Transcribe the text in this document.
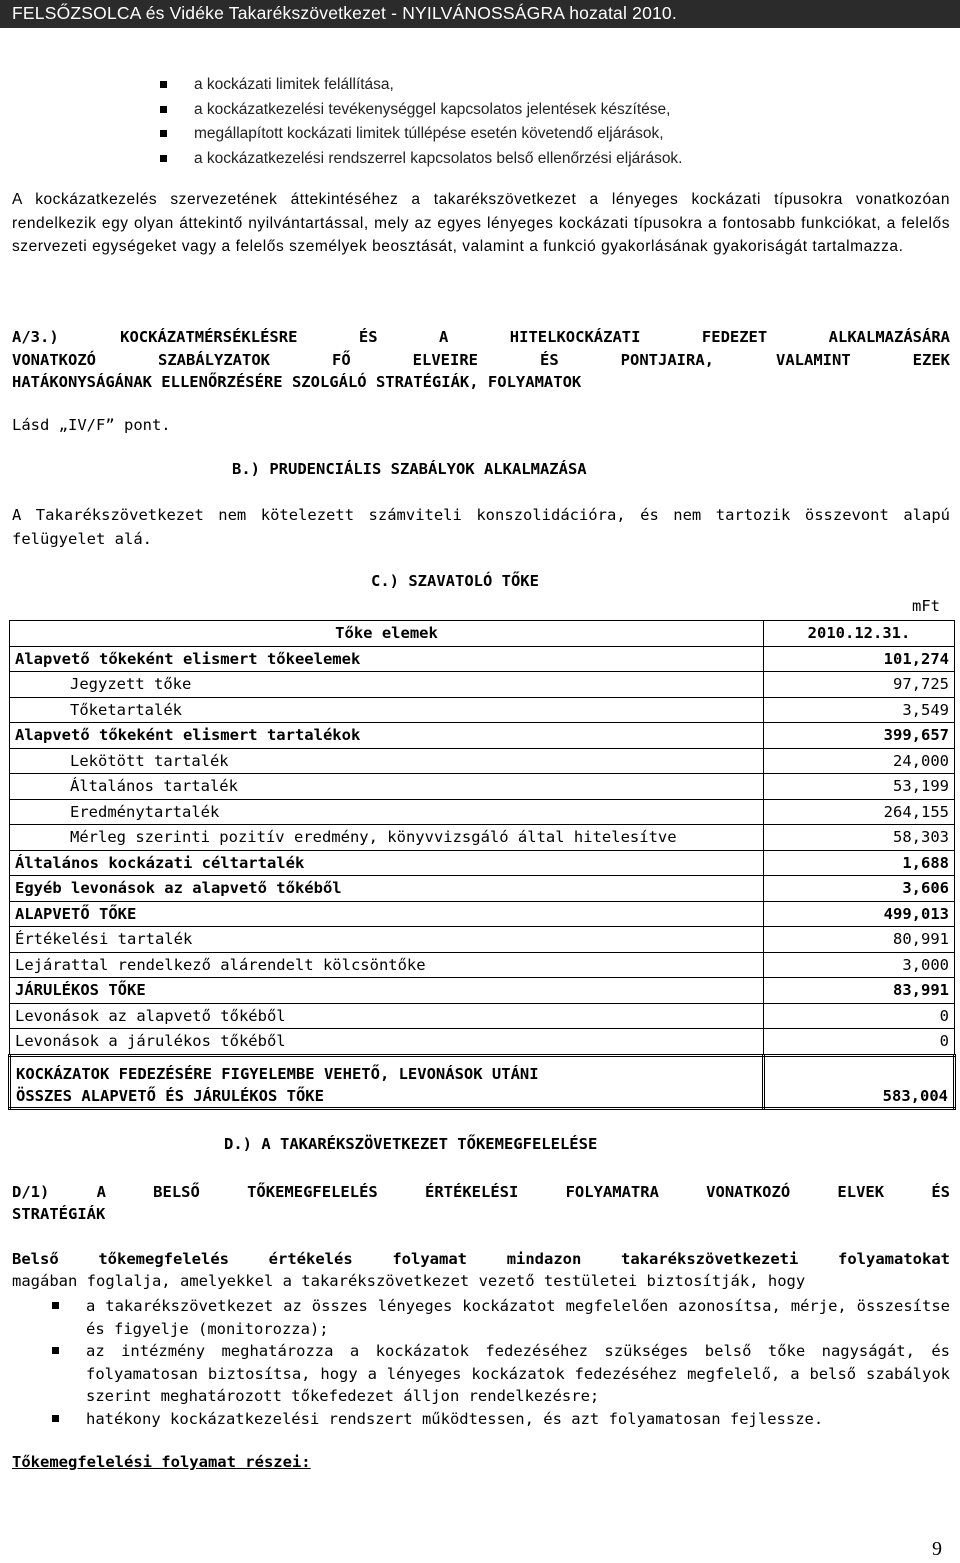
FELSŐZSOLCA és Vidéke Takarékszövetkezet - NYILVÁNOSSÁGRA hozatal 2010.
a kockázati limitek felállítása,
a kockázatkezelési tevékenységgel kapcsolatos jelentések készítése,
megállapított kockázati limitek túllépése esetén követendő eljárások,
a kockázatkezelési rendszerrel kapcsolatos belső ellenőrzési eljárások.

A kockázatkezelés szervezetének áttekintéséhez a takarékszövetkezet a lényeges kockázati típusokra vonatkozóan rendelkezik egy olyan áttekintő nyilvántartással, mely az egyes lényeges kockázati típusokra a fontosabb funkciókat, a felelős szervezeti egységeket vagy a felelős személyek beosztását, valamint a funkció gyakorlásának gyakoriságát tartalmazza.

A/3.) KOCKÁZATMÉRSÉKLÉSRE ÉS A HITELKOCKÁZATI FEDEZET ALKALMAZÁSÁRA
VONATKOZÓ SZABÁLYZATOK FŐ ELVEIRE ÉS PONTJAIRA, VALAMINT EZEK
HATÁKONYSÁGÁNAK ELLENŐRZÉSÉRE SZOLGÁLÓ STRATÉGIÁK, FOLYAMATOK

Lásd „IV/F” pont.

B.) PRUDENCIÁLIS SZABÁLYOK ALKALMAZÁSA

A Takarékszövetkezet nem kötelezett számviteli konszolidációra, és nem tartozik összevont alapú felügyelet alá.

C.) SZAVATOLÓ TŐKE

mFt

Tőke elemek	2010.12.31.
Alapvető tőkeként elismert tőkeelemek	101,274
Jegyzett tőke	97,725
Tőketartalék	3,549
Alapvető tőkeként elismert tartalékok	399,657
Lekötött tartalék	24,000
Általános tartalék	53,199
Eredménytartalék	264,155
Mérleg szerinti pozitív eredmény, könyvvizsgáló által hitelesítve	58,303
Általános kockázati céltartalék	1,688
Egyéb levonások az alapvető tőkéből	3,606
ALAPVETŐ TŐKE	499,013
Értékelési tartalék	80,991
Lejárattal rendelkező alárendelt kölcsöntőke	3,000
JÁRULÉKOS TŐKE	83,991
Levonások az alapvető tőkéből	0
Levonások a járulékos tőkéből	0

KOCKÁZATOK FEDEZÉSÉRE FIGYELEMBE VEHETŐ, LEVONÁSOK UTÁNI
ÖSSZES ALAPVETŐ ÉS JÁRULÉKOS TŐKE	583,004

D.) A TAKARÉKSZÖVETKEZET TŐKEMEGFELELÉSE

D/1) A BELSŐ TŐKEMEGFELELÉS ÉRTÉKELÉSI FOLYAMATRA VONATKOZÓ ELVEK ÉS
STRATÉGIÁK
Belső tőkemegfelelés értékelés folyamat mindazon takarékszövetkezeti folyamatokat
magában foglalja, amelyekkel a takarékszövetkezet vezető testületei biztosítják, hogy
a takarékszövetkezet az összes lényeges kockázatot megfelelően azonosítsa, mérje, összesítse és figyelje (monitorozza);
az intézmény meghatározza a kockázatok fedezéséhez szükséges belső tőke nagyságát, és folyamatosan biztosítsa, hogy a lényeges kockázatok fedezéséhez megfelelő, a belső szabályok szerint meghatározott tőkefedezet álljon rendelkezésre;
hatékony kockázatkezelési rendszert működtessen, és azt folyamatosan fejlessze.

Tőkemegfelelési folyamat részei:

9
